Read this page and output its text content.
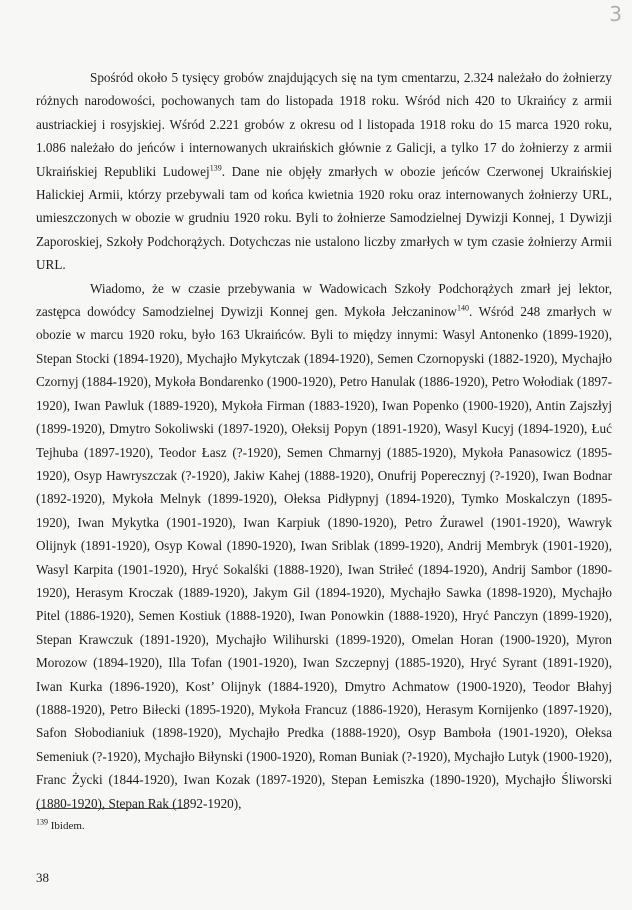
3

Spośród około 5 tysięcy grobów znajdujących się na tym cmentarzu, 2.324 należało do żołnierzy różnych narodowości, pochowanych tam do listopada 1918 roku. Wśród nich 420 to Ukraińcy z armii austriackiej i rosyjskiej. Wśród 2.221 grobów z okresu od l listopada 1918 roku do 15 marca 1920 roku, 1.086 należało do jeńców i internowanych ukraińskich głównie z Galicji, a tylko 17 do żołnierzy z armii Ukraińskiej Republiki Ludowej$^{139}$. Dane nie objęły zmarłych w obozie jeńców Czerwonej Ukraińskiej Halickiej Armii, którzy przebywali tam od końca kwietnia 1920 roku oraz internowanych żołnierzy URL, umieszczonych w obozie w grudniu 1920 roku. Byli to żołnierze Samodzielnej Dywizji Konnej, 1 Dywizji Zaporoskiej, Szkoły Podchorążych. Dotychczas nie ustalono liczby zmarłych w tym czasie żołnierzy Armii URL.

Wiadomo, że w czasie przebywania w Wadowicach Szkoły Podchorążych zmarł jej lektor, zastępca dowódcy Samodzielnej Dywizji Konnej gen. Mykoła Jełczaninow$^{140}$. Wśród 248 zmarłych w obozie w marcu 1920 roku, było 163 Ukraińców. Byli to między innymi: Wasyl Antonenko (1899-1920), Stepan Stocki (1894-1920), Mychajło Mykytczak (1894-1920), Semen Czornopyski (1882-1920), Mychajło Czornyj (1884-1920), Mykoła Bondarenko (1900-1920), Petro Hanulak (1886-1920), Petro Wołodiak (1897-1920), Iwan Pawluk (1889-1920), Mykoła Firman (1883-1920), Iwan Popenko (1900-1920), Antin Zajszłyj (1899-1920), Dmytro Sokoliwski (1897-1920), Ołeksij Popyn (1891-1920), Wasyl Kucyj (1894-1920), Łuć Tejhuba (1897-1920), Teodor Łasz (?-1920), Semen Chmarnyj (1885-1920), Mykoła Panasowicz (1895-1920), Osyp Hawryszczak (?-1920), Jakiw Kahej (1888-1920), Onufrij Poperecznyj (?-1920), Iwan Bodnar (1892-1920), Mykoła Melnyk (1899-1920), Ołeksa Pidłypnyj (1894-1920), Tymko Moskalczyn (1895-1920), Iwan Mykytka (1901-1920), Iwan Karpiuk (1890-1920), Petro Żurawel (1901-1920), Wawryk Olijnyk (1891-1920), Osyp Kowal (1890-1920), Iwan Sriblak (1899-1920), Andrij Membryk (1901-1920), Wasyl Karpita (1901-1920), Hryć Sokalśki (1888-1920), Iwan Striłeć (1894-1920), Andrij Sambor (1890-1920), Herasym Kroczak (1889-1920), Jakym Gil (1894-1920), Mychajło Sawka (1898-1920), Mychajło Pitel (1886-1920), Semen Kostiuk (1888-1920), Iwan Ponowkin (1888-1920), Hryć Panczyn (1899-1920), Stepan Krawczuk (1891-1920), Mychajło Wilihurski (1899-1920), Omelan Horan (1900-1920), Myron Morozow (1894-1920), Illa Tofan (1901-1920), Iwan Szczepnyj (1885-1920), Hryć Syrant (1891-1920), Iwan Kurka (1896-1920), Kost’ Olijnyk (1884-1920), Dmytro Achmatow (1900-1920), Teodor Błahyj (1888-1920), Petro Biłecki (1895-1920), Mykoła Francuz (1886-1920), Herasym Kornijenko (1897-1920), Safon Słobodianiuk (1898-1920), Mychajło Predka (1888-1920), Osyp Bamboła (1901-1920), Ołeksa Semeniuk (?-1920), Mychajło Biłynski (1900-1920), Roman Buniak (?-1920), Mychajło Lutyk (1900-1920), Franc Życki (1844-1920), Iwan Kozak (1897-1920), Stepan Łemiszka (1890-1920), Mychajło Śliworski (1880-1920), Stepan Rak (1892-1920),

$^{139}$ Ibidem.
38
